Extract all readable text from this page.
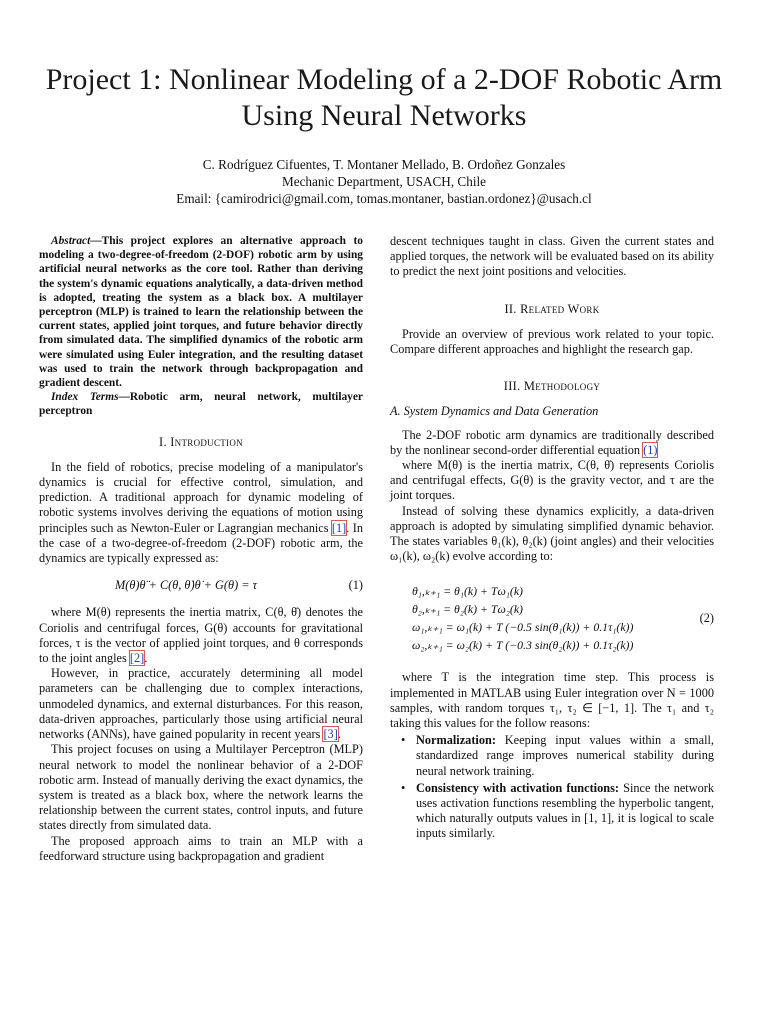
Project 1: Nonlinear Modeling of a 2-DOF Robotic Arm Using Neural Networks
C. Rodríguez Cifuentes, T. Montaner Mellado, B. Ordoñez Gonzales
Mechanic Department, USACH, Chile
Email: {camirodrici@gmail.com, tomas.montaner, bastian.ordonez}@usach.cl

Abstract—This project explores an alternative approach to modeling a two-degree-of-freedom (2-DOF) robotic arm by using artificial neural networks as the core tool. Rather than deriving the system's dynamic equations analytically, a data-driven method is adopted, treating the system as a black box. A multilayer perceptron (MLP) is trained to learn the relationship between the current states, applied joint torques, and future behavior directly from simulated data. The simplified dynamics of the robotic arm were simulated using Euler integration, and the resulting dataset was used to train the network through backpropagation and gradient descent.

Index Terms—Robotic arm, neural network, multilayer perceptron

I. Introduction

In the field of robotics, precise modeling of a manipulator's dynamics is crucial for effective control, simulation, and prediction. A traditional approach for dynamic modeling of robotic systems involves deriving the equations of motion using principles such as Newton-Euler or Lagrangian mechanics [1]. In the case of a two-degree-of-freedom (2-DOF) robotic arm, the dynamics are typically expressed as:

M(θ)θ̈ + C(θ, θ̇)θ̇ + G(θ) = τ	(1)

where M(θ) represents the inertia matrix, C(θ, θ̇) denotes the Coriolis and centrifugal forces, G(θ) accounts for gravitational forces, τ is the vector of applied joint torques, and θ corresponds to the joint angles [2].

However, in practice, accurately determining all model parameters can be challenging due to complex interactions, unmodeled dynamics, and external disturbances. For this reason, data-driven approaches, particularly those using artificial neural networks (ANNs), have gained popularity in recent years [3].

This project focuses on using a Multilayer Perceptron (MLP) neural network to model the nonlinear behavior of a 2-DOF robotic arm. Instead of manually deriving the exact dynamics, the system is treated as a black box, where the network learns the relationship between the current states, control inputs, and future states directly from simulated data.

The proposed approach aims to train an MLP with a feedforward structure using backpropagation and gradient

descent techniques taught in class. Given the current states and applied torques, the network will be evaluated based on its ability to predict the next joint positions and velocities.

II. Related Work

Provide an overview of previous work related to your topic. Compare different approaches and highlight the research gap.

III. Methodology
A. System Dynamics and Data Generation

The 2-DOF robotic arm dynamics are traditionally described by the nonlinear second-order differential equation (1)

where M(θ) is the inertia matrix, C(θ, θ̇) represents Coriolis and centrifugal effects, G(θ) is the gravity vector, and τ are the joint torques.

Instead of solving these dynamics explicitly, a data-driven approach is adopted by simulating simplified dynamic behavior. The states variables θ₁(k), θ₂(k) (joint angles) and their velocities ω₁(k), ω₂(k) evolve according to:

θ₁,ₖ₊₁ = θ₁(k) + Tω₁(k)
θ₂,ₖ₊₁ = θ₂(k) + Tω₂(k)
ω₁,ₖ₊₁ = ω₁(k) + T (−0.5 sin(θ₁(k)) + 0.1τ₁(k))
ω₂,ₖ₊₁ = ω₂(k) + T (−0.3 sin(θ₂(k)) + 0.1τ₂(k))
(2)

where T is the integration time step. This process is implemented in MATLAB using Euler integration over N = 1000 samples, with random torques τ₁, τ₂ ∈ [−1, 1]. The τ₁ and τ₂ taking this values for the follow reasons:

• Normalization: Keeping input values within a small, standardized range improves numerical stability during neural network training.
• Consistency with activation functions: Since the network uses activation functions resembling the hyperbolic tangent, which naturally outputs values in [1, 1], it is logical to scale inputs similarly.
